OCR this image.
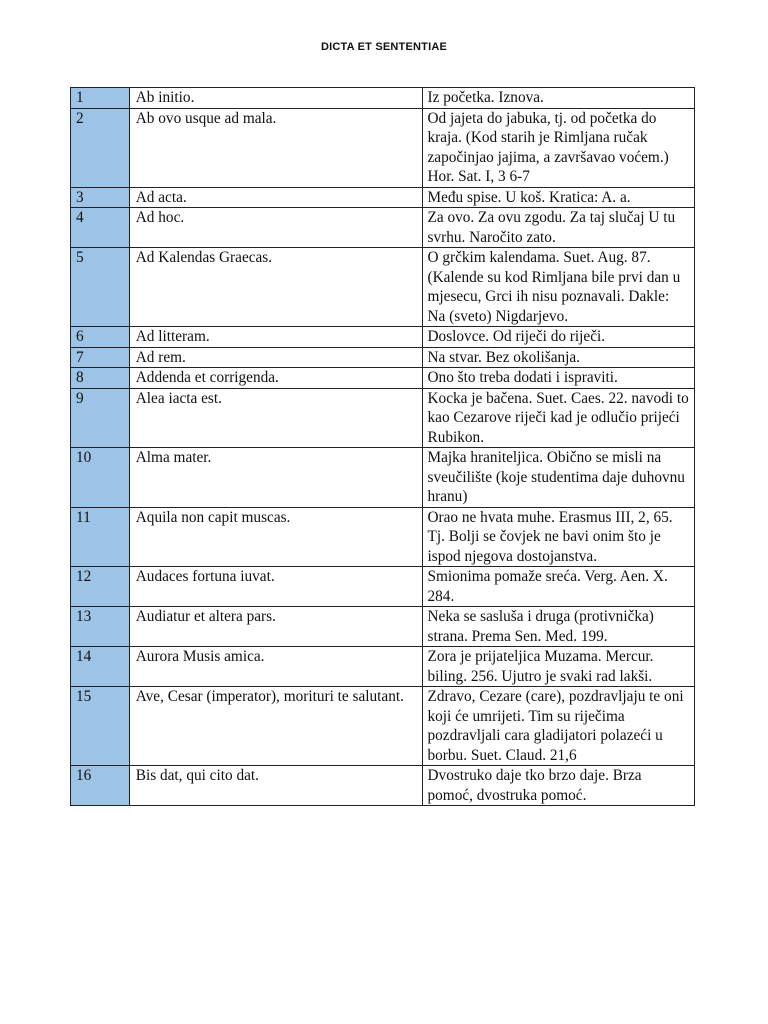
DICTA ET SENTENTIAE
1	Ab initio.	Iz početka. Iznova.
2	Ab ovo usque ad mala.	Od jajeta do jabuka, tj. od početka do kraja. (Kod starih je Rimljana ručak započinjao jajima, a završavao voćem.) Hor. Sat. I, 3 6-7
3	Ad acta.	Među spise. U koš. Kratica: A. a.
4	Ad hoc.	Za ovo. Za ovu zgodu. Za taj slučaj U tu svrhu. Naročito zato.
5	Ad Kalendas Graecas.	O grčkim kalendama. Suet. Aug. 87. (Kalende su kod Rimljana bile prvi dan u mjesecu, Grci ih nisu poznavali. Dakle: Na (sveto) Nigdarjevo.
6	Ad litteram.	Doslovce. Od riječi do riječi.
7	Ad rem.	Na stvar. Bez okolišanja.
8	Addenda et corrigenda.	Ono što treba dodati i ispraviti.
9	Alea iacta est.	Kocka je bačena. Suet. Caes. 22. navodi to kao Cezarove riječi kad je odlučio prijeći Rubikon.
10	Alma mater.	Majka hraniteljica. Obično se misli na sveučilište (koje studentima daje duhovnu hranu)
11	Aquila non capit muscas.	Orao ne hvata muhe. Erasmus III, 2, 65. Tj. Bolji se čovjek ne bavi onim što je ispod njegova dostojanstva.
12	Audaces fortuna iuvat.	Smionima pomaže sreća. Verg. Aen. X. 284.
13	Audiatur et altera pars.	Neka se sasluša i druga (protivnička) strana. Prema Sen. Med. 199.
14	Aurora Musis amica.	Zora je prijateljica Muzama. Mercur. biling. 256. Ujutro je svaki rad lakši.
15	Ave, Cesar (imperator), morituri te salutant.	Zdravo, Cezare (care), pozdravljaju te oni koji će umrijeti. Tim su riječima pozdravljali cara gladijatori polazeći u borbu. Suet. Claud. 21,6
16	Bis dat, qui cito dat.	Dvostruko daje tko brzo daje. Brza pomoć, dvostruka pomoć.
